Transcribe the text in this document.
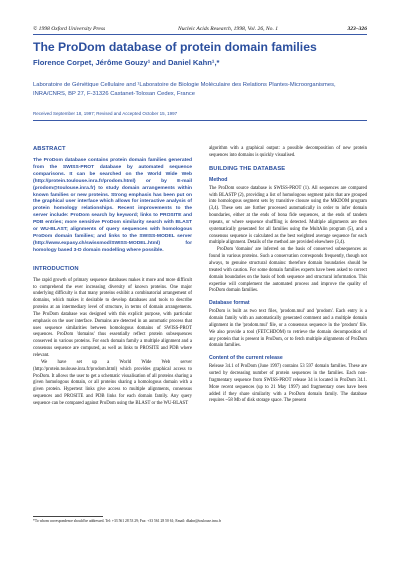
© 1998 Oxford University Press	Nucleic Acids Research, 1998, Vol. 26, No. 1	323–326
The ProDom database of protein domain families
Florence Corpet, Jérôme Gouzy¹ and Daniel Kahn¹,*
Laboratoire de Génétique Cellulaire and ¹Laboratoire de Biologie Moléculaire des Relations Plantes-Microorganismes, INRA/CNRS, BP 27, F-31326 Castanet-Tolosan Cedex, France
Received September 18, 1997; Revised and Accepted October 15, 1997
ABSTRACT
The ProDom database contains protein domain families generated from the SWISS-PROT database by automated sequence comparisons. It can be searched on the World Wide Web (http://protein.toulouse.inra.fr/prodom.html) or by E-mail (prodom@toulouse.inra.fr) to study domain arrangements within known families or new proteins. Strong emphasis has been put on the graphical user interface which allows for interactive analysis of protein homology relationships. Recent improvements to the server include: ProDom search by keyword; links to PROSITE and PDB entries; more sensitive ProDom similarity search with BLAST or WU-BLAST; alignments of query sequences with homologous ProDom domain families; and links to the SWISS-MODEL server (http://www.expasy.ch/swissmod/SWISS-MODEL.html) for homology based 3-D domain modelling where possible.
INTRODUCTION
The rapid growth of primary sequence databases makes it more and more difficult to comprehend the ever increasing diversity of known proteins. One major underlying difficulty is that many proteins exhibit a combinatorial arrangement of domains, which makes it desirable to develop databases and tools to describe proteins at an intermediary level of structure, in terms of domain arrangements. The ProDom database was designed with this explicit purpose, with particular emphasis on the user interface. Domains are detected in an automatic process that uses sequence similarities between homologous domains of SWISS-PROT sequences. ProDom 'domains' thus essentially reflect protein subsequences conserved in various proteins. For each domain family a multiple alignment and a consensus sequence are computed, as well as links to PROSITE and PDB where relevant.
We have set up a World Wide Web server (http://protein.toulouse.inra.fr/prodom.html) which provides graphical access to ProDom. It allows the user to get a schematic visualisation of all proteins sharing a given homologous domain, or all proteins sharing a homologous domain with a given protein. Hypertext links give access to multiple alignments, consensus sequences and PROSITE and PDB links for each domain family. Any query sequence can be compared against ProDom using the BLAST or the WU-BLAST
algorithm with a graphical output: a possible decomposition of new protein sequences into domains is quickly visualised.
BUILDING THE DATABASE
Method
The ProDom source database is SWISS-PROT (1). All sequences are compared with BLASTP (2), providing a list of homologous segment pairs that are grouped into homologous segment sets by transitive closure using the MKDOM program (3,4). These sets are further processed automatically in order to infer domain boundaries, either at the ends of bona fide sequences, at the ends of tandem repeats, or where sequence shuffling is detected. Multiple alignments are then systematically generated for all families using the MultAlin program (5), and a consensus sequence is calculated as the best weighted average sequence for each multiple alignment. Details of the method are provided elsewhere (3,4).
ProDom 'domains' are inferred on the basis of conserved subsequences as found in various proteins. Such a conservation corresponds frequently, though not always, to genuine structural domains: therefore domain boundaries should be treated with caution. For some domain families experts have been asked to correct domain boundaries on the basis of both sequence and structural information. This expertise will complement the automated process and improve the quality of ProDom domain families.
Database format
ProDom is built as two text files, 'prodom.mul' and 'prodom'. Each entry is a domain family with an automatically generated comment and a multiple domain alignment in the 'prodom.mul' file, or a consensus sequence in the 'prodom' file. We also provide a tool (FETCHDOM) to retrieve the domain decomposition of any protein that is present in ProDom, or to fetch multiple alignments of ProDom domain families.
Content of the current release
Release 34.1 of ProDom (June 1997) contains 53 597 domain families. These are sorted by decreasing number of protein sequences in the families. Each non-fragmentary sequence from SWISS-PROT release 34 is located in ProDom 34.1. More recent sequences (up to 21 May 1997) and fragmentary ones have been added if they share similarity with a ProDom domain family. The database requires ~58 Mb of disk storage space. The present
*To whom correspondence should be addressed. Tel: +33 561 28 53 29; Fax: +33 561 28 50 61; Email: dkahn@toulouse.inra.fr
